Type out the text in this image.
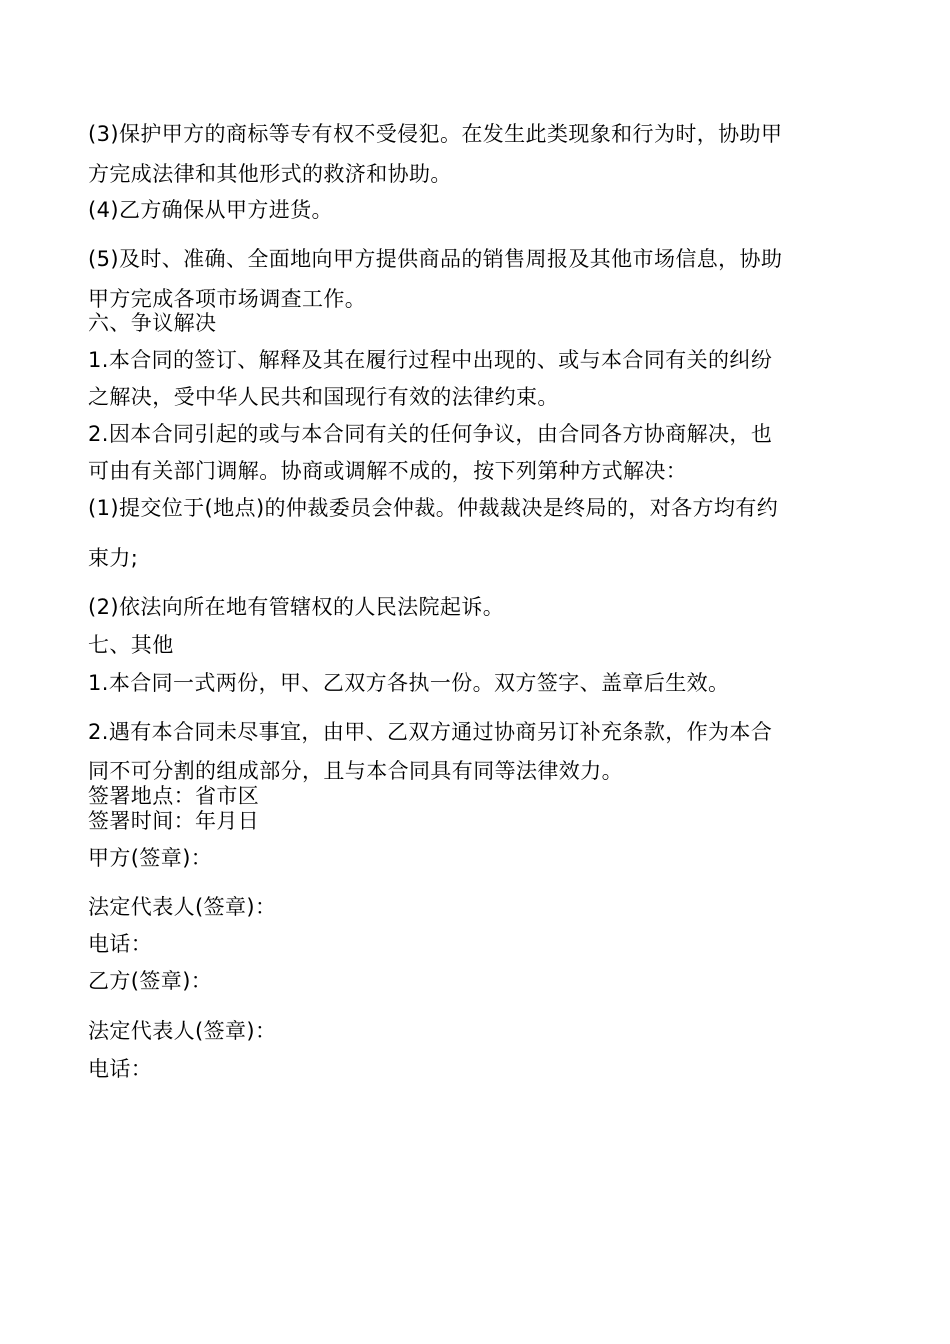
(3)保护甲方的商标等专有权不受侵犯。在发生此类现象和行为时，协助甲

方完成法律和其他形式的救济和协助。

(4)乙方确保从甲方进货。

(5)及时、准确、全面地向甲方提供商品的销售周报及其他市场信息，协助

甲方完成各项市场调查工作。

六、争议解决

1.本合同的签订、解释及其在履行过程中出现的、或与本合同有关的纠纷

之解决，受中华人民共和国现行有效的法律约束。

2.因本合同引起的或与本合同有关的任何争议，由合同各方协商解决，也

可由有关部门调解。协商或调解不成的，按下列第种方式解决：

(1)提交位于(地点)的仲裁委员会仲裁。仲裁裁决是终局的，对各方均有约

束力;

(2)依法向所在地有管辖权的人民法院起诉。

七、其他

1.本合同一式两份，甲、乙双方各执一份。双方签字、盖章后生效。

2.遇有本合同未尽事宜，由甲、乙双方通过协商另订补充条款，作为本合

同不可分割的组成部分，且与本合同具有同等法律效力。

签署地点：省市区

签署时间：年月日

甲方(签章)：

法定代表人(签章)：

电话：

乙方(签章)：

法定代表人(签章)：

电话：
